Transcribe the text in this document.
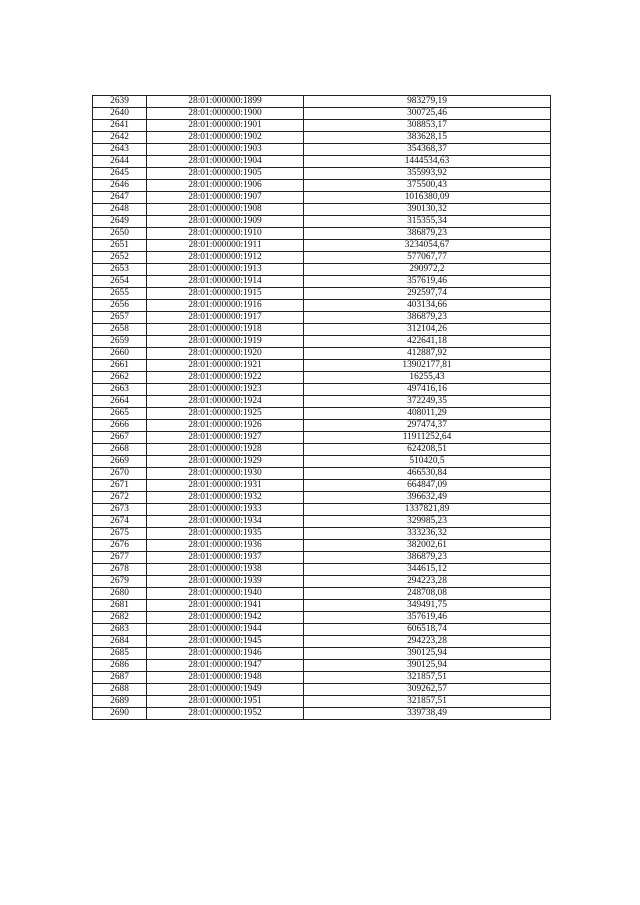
2639	28:01:000000:1899	983279,19
2640	28:01:000000:1900	300725,46
2641	28:01:000000:1901	308853,17
2642	28:01:000000:1902	383628,15
2643	28:01:000000:1903	354368,37
2644	28:01:000000:1904	1444534,63
2645	28:01:000000:1905	355993,92
2646	28:01:000000:1906	375500,43
2647	28:01:000000:1907	1016380,09
2648	28:01:000000:1908	390130,32
2649	28:01:000000:1909	315355,34
2650	28:01:000000:1910	386879,23
2651	28:01:000000:1911	3234054,67
2652	28:01:000000:1912	577067,77
2653	28:01:000000:1913	290972,2
2654	28:01:000000:1914	357619,46
2655	28:01:000000:1915	292597,74
2656	28:01:000000:1916	403134,66
2657	28:01:000000:1917	386879,23
2658	28:01:000000:1918	312104,26
2659	28:01:000000:1919	422641,18
2660	28:01:000000:1920	412887,92
2661	28:01:000000:1921	13902177,81
2662	28:01:000000:1922	16255,43
2663	28:01:000000:1923	497416,16
2664	28:01:000000:1924	372249,35
2665	28:01:000000:1925	408011,29
2666	28:01:000000:1926	297474,37
2667	28:01:000000:1927	11911252,64
2668	28:01:000000:1928	624208,51
2669	28:01:000000:1929	510420,5
2670	28:01:000000:1930	466530,84
2671	28:01:000000:1931	664847,09
2672	28:01:000000:1932	396632,49
2673	28:01:000000:1933	1337821,89
2674	28:01:000000:1934	329985,23
2675	28:01:000000:1935	333236,32
2676	28:01:000000:1936	382002,61
2677	28:01:000000:1937	386879,23
2678	28:01:000000:1938	344615,12
2679	28:01:000000:1939	294223,28
2680	28:01:000000:1940	248708,08
2681	28:01:000000:1941	349491,75
2682	28:01:000000:1942	357619,46
2683	28:01:000000:1944	606518,74
2684	28:01:000000:1945	294223,28
2685	28:01:000000:1946	390125,94
2686	28:01:000000:1947	390125,94
2687	28:01:000000:1948	321857,51
2688	28:01:000000:1949	309262,57
2689	28:01:000000:1951	321857,51
2690	28:01:000000:1952	339738,49
